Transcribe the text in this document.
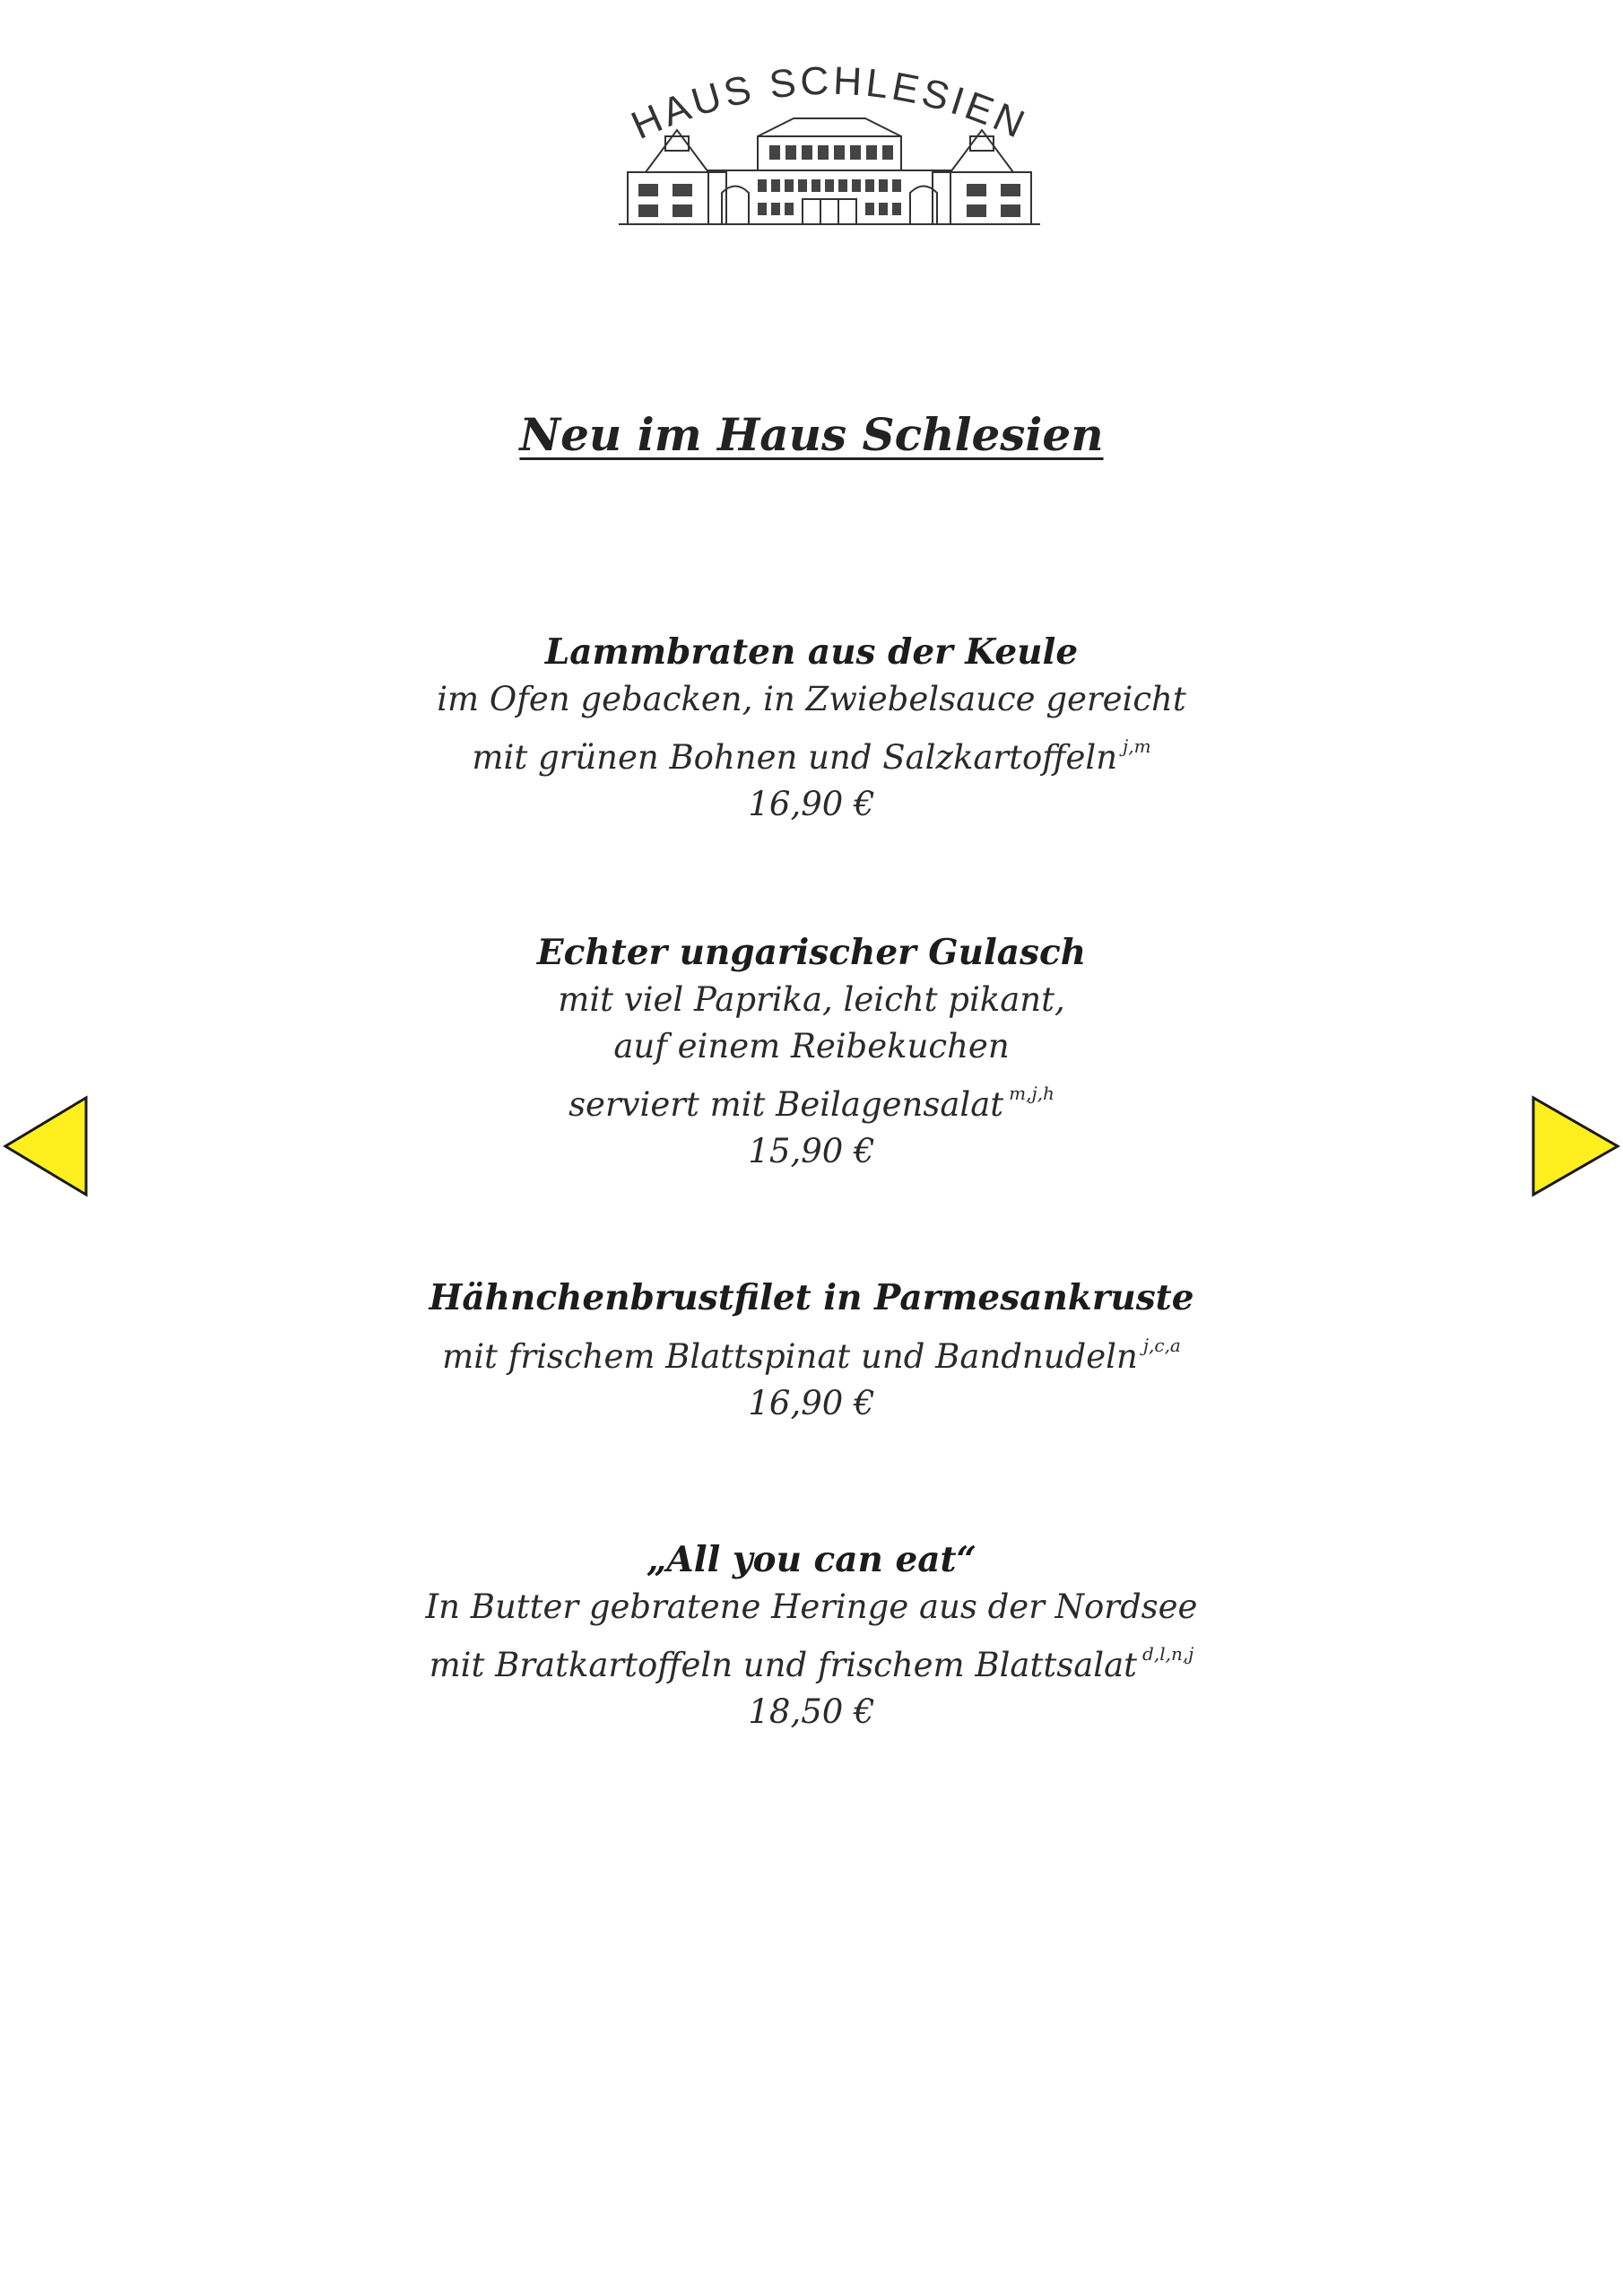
HAUS SCHLESIEN
Neu im Haus Schlesien
Lammbraten aus der Keule
im Ofen gebacken, in Zwiebelsauce gereicht
mit grünen Bohnen und Salzkartoffeln $^{j,m}$
16,90 €
Echter ungarischer Gulasch
mit viel Paprika, leicht pikant,
auf einem Reibekuchen
serviert mit Beilagensalat $^{m,j,h}$
15,90 €
Hähnchenbrustfilet in Parmesankruste
mit frischem Blattspinat und Bandnudeln $^{j,c,a}$
16,90 €
„All you can eat“
In Butter gebratene Heringe aus der Nordsee
mit Bratkartoffeln und frischem Blattsalat $^{d,l,n,j}$
18,50 €
